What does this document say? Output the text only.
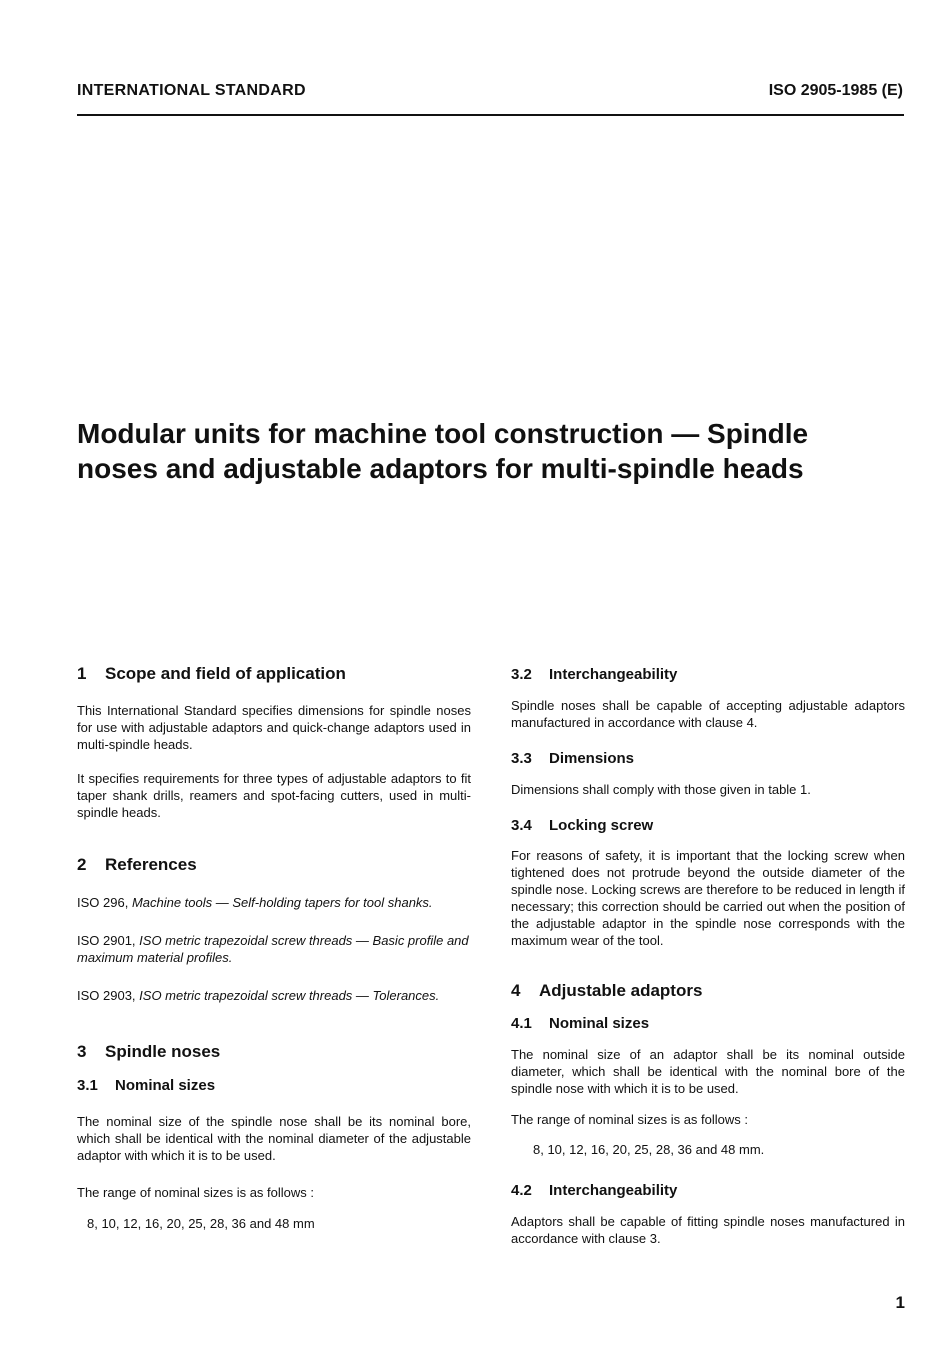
INTERNATIONAL STANDARD	ISO 2905-1985 (E)
Modular units for machine tool construction — Spindle
noses and adjustable adaptors for multi-spindle heads
1 Scope and field of application

This International Standard specifies dimensions for spindle noses for use with adjustable adaptors and quick-change adaptors used in multi-spindle heads.

It specifies requirements for three types of adjustable adaptors to fit taper shank drills, reamers and spot-facing cutters, used in multi-spindle heads.

2 References

ISO 296, Machine tools — Self-holding tapers for tool shanks.

ISO 2901, ISO metric trapezoidal screw threads — Basic profile and maximum material profiles.

ISO 2903, ISO metric trapezoidal screw threads — Tolerances.

3 Spindle noses
3.1 Nominal sizes

The nominal size of the spindle nose shall be its nominal bore, which shall be identical with the nominal diameter of the adjustable adaptor with which it is to be used.

The range of nominal sizes is as follows :

8, 10, 12, 16, 20, 25, 28, 36 and 48 mm

3.2 Interchangeability

Spindle noses shall be capable of accepting adjustable adaptors manufactured in accordance with clause 4.

3.3 Dimensions

Dimensions shall comply with those given in table 1.

3.4 Locking screw

For reasons of safety, it is important that the locking screw when tightened does not protrude beyond the outside diameter of the spindle nose. Locking screws are therefore to be reduced in length if necessary; this correction should be carried out when the position of the adjustable adaptor in the spindle nose corresponds with the maximum wear of the tool.

4 Adjustable adaptors
4.1 Nominal sizes

The nominal size of an adaptor shall be its nominal outside diameter, which shall be identical with the nominal bore of the spindle nose with which it is to be used.

The range of nominal sizes is as follows :

8, 10, 12, 16, 20, 25, 28, 36 and 48 mm.

4.2 Interchangeability

Adaptors shall be capable of fitting spindle noses manufactured in accordance with clause 3.

1
